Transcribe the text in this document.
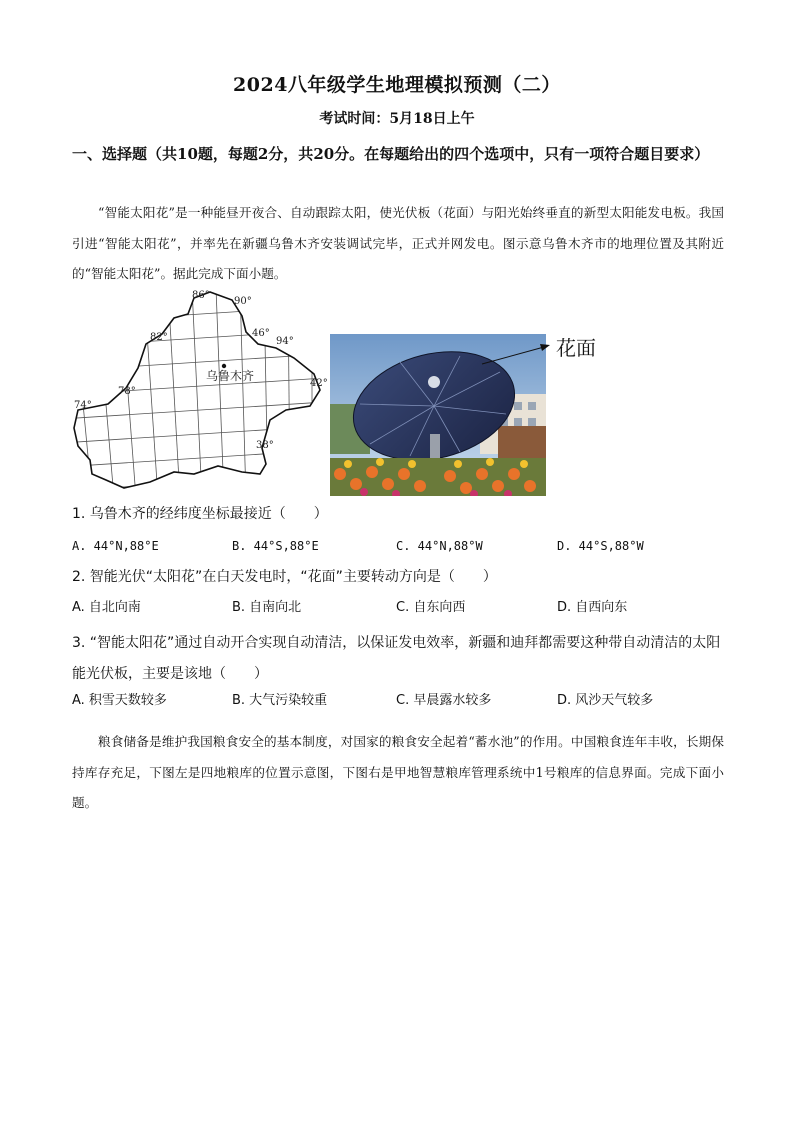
2024八年级学生地理模拟预测（二）
考试时间：5月18日上午
一、选择题（共10题，每题2分，共20分。在每题给出的四个选项中，只有一项符合题目要求）
“智能太阳花”是一种能昼开夜合、自动跟踪太阳，使光伏板（花面）与阳光始终垂直的新型太阳能发电板。我国引进“智能太阳花”，并率先在新疆乌鲁木齐安装调试完毕，正式并网发电。图示意乌鲁木齐市的地理位置及其附近的“智能太阳花”。据此完成下面小题。
乌鲁木齐
74°
78°
82°
86°
90°
94°
46°
42°
38°
花面
1. 乌鲁木齐的经纬度坐标最接近（　　）
A. 44°N,88°E	B. 44°S,88°E	C. 44°N,88°W	D. 44°S,88°W
2. 智能光伏“太阳花”在白天发电时，“花面”主要转动方向是（　　）
A. 自北向南	B. 自南向北	C. 自东向西	D. 自西向东
3. “智能太阳花”通过自动开合实现自动清洁，以保证发电效率，新疆和迪拜都需要这种带自动清洁的太阳能光伏板，主要是该地（　　）
A. 积雪天数较多	B. 大气污染较重	C. 早晨露水较多	D. 风沙天气较多
粮食储备是维护我国粮食安全的基本制度，对国家的粮食安全起着“蓄水池”的作用。中国粮食连年丰收，长期保持库存充足，下图左是四地粮库的位置示意图，下图右是甲地智慧粮库管理系统中1号粮库的信息界面。完成下面小题。
